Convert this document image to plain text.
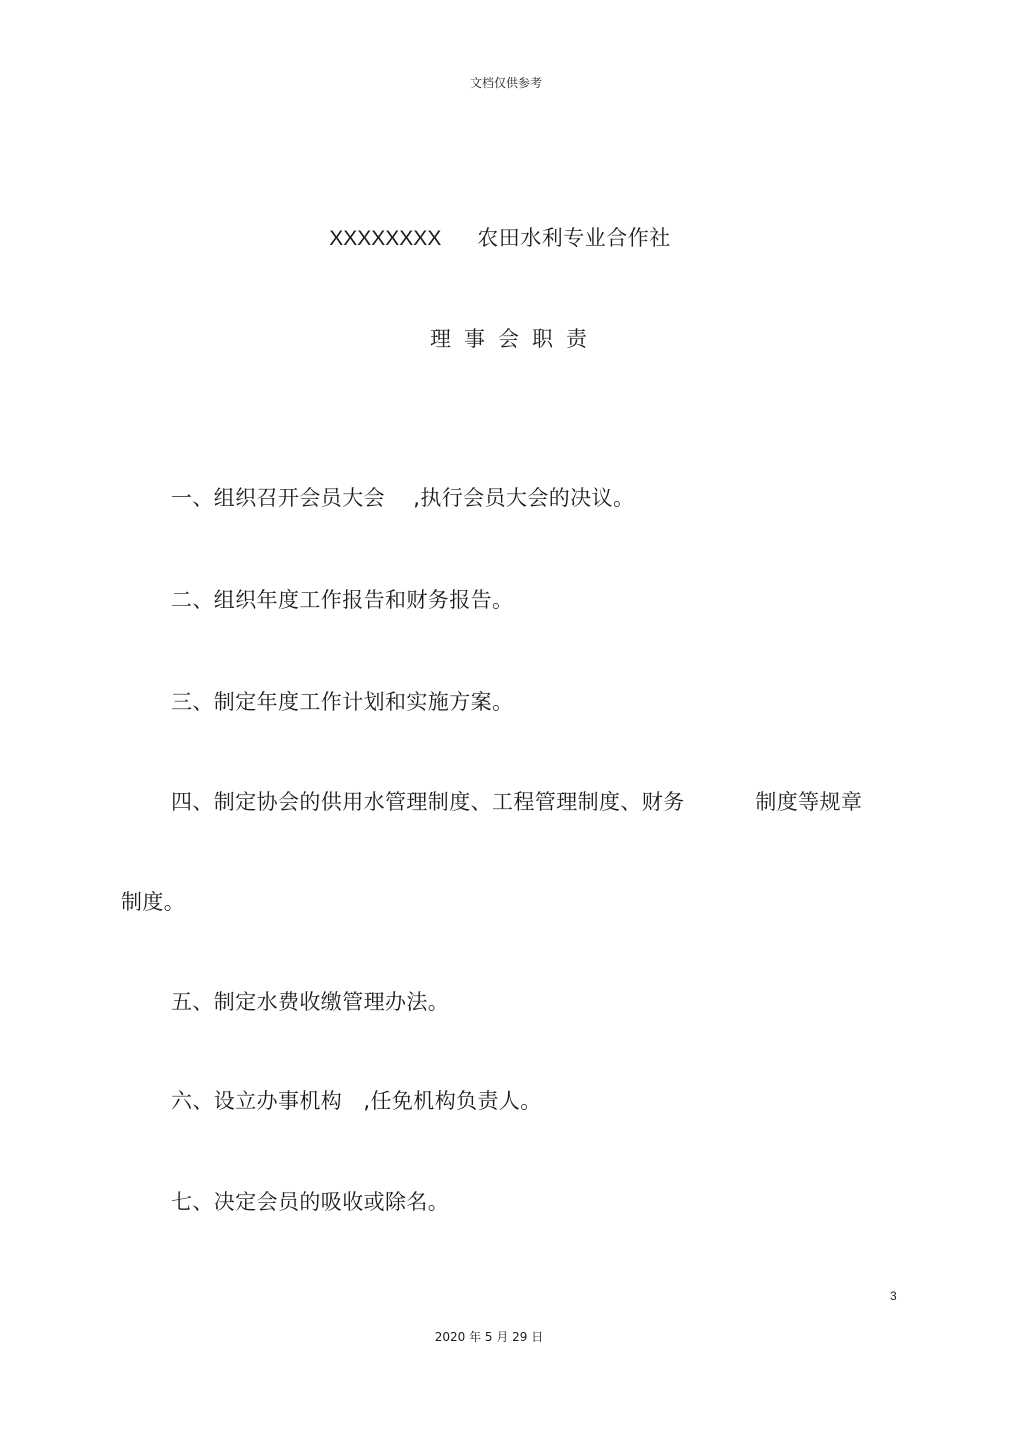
文档仅供参考
XXXXXXXX 农田水利专业合作社
理事会职责
一、组织召开会员大会    ,执行会员大会的决议。
二、组织年度工作报告和财务报告。
三、制定年度工作计划和实施方案。
四、制定协会的供用水管理制度、工程管理制度、财务          制度等规章
制度。
五、制定水费收缴管理办法。
六、设立办事机构   ,任免机构负责人。
七、决定会员的吸收或除名。
3
2020 年 5 月 29 日
